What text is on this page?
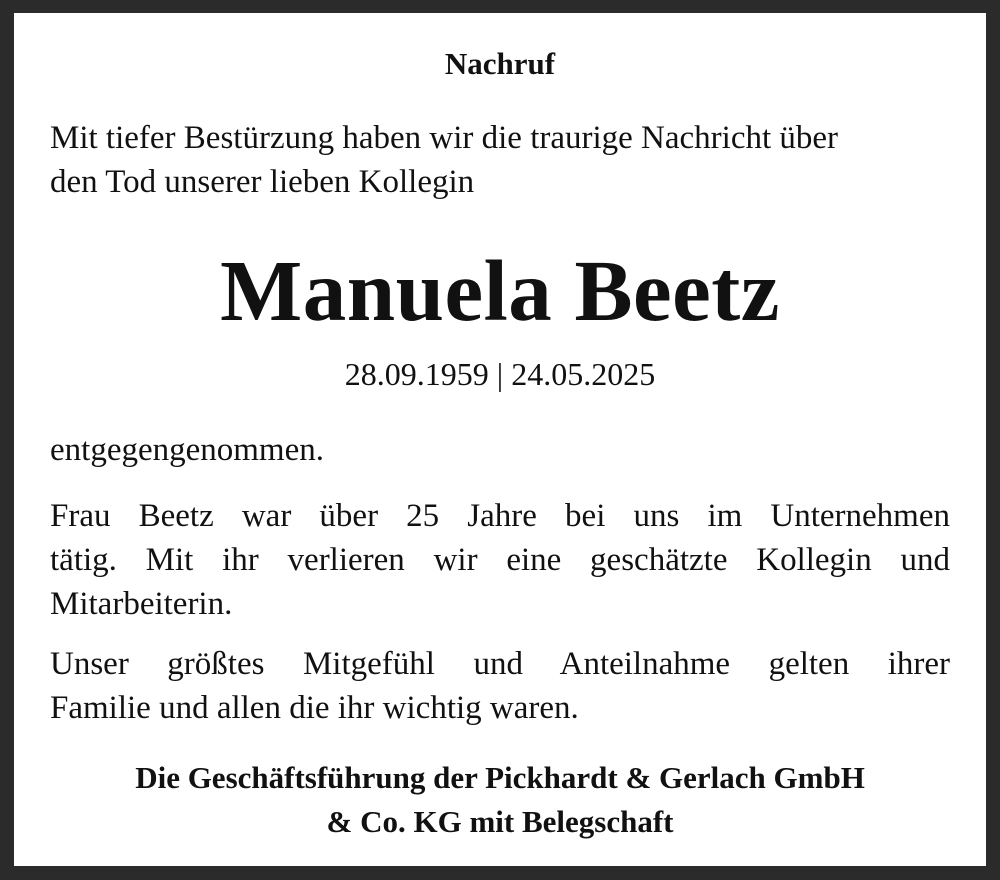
Nachruf
Mit tiefer Bestürzung haben wir die traurige Nachricht über
den Tod unserer lieben Kollegin
Manuela Beetz
28.09.1959 | 24.05.2025
entgegengenommen.
Frau Beetz war über 25 Jahre bei uns im Unternehmen
tätig. Mit ihr verlieren wir eine geschätzte Kollegin und
Mitarbeiterin.
Unser größtes Mitgefühl und Anteilnahme gelten ihrer
Familie und allen die ihr wichtig waren.
Die Geschäftsführung der Pickhardt & Gerlach GmbH
& Co. KG mit Belegschaft
